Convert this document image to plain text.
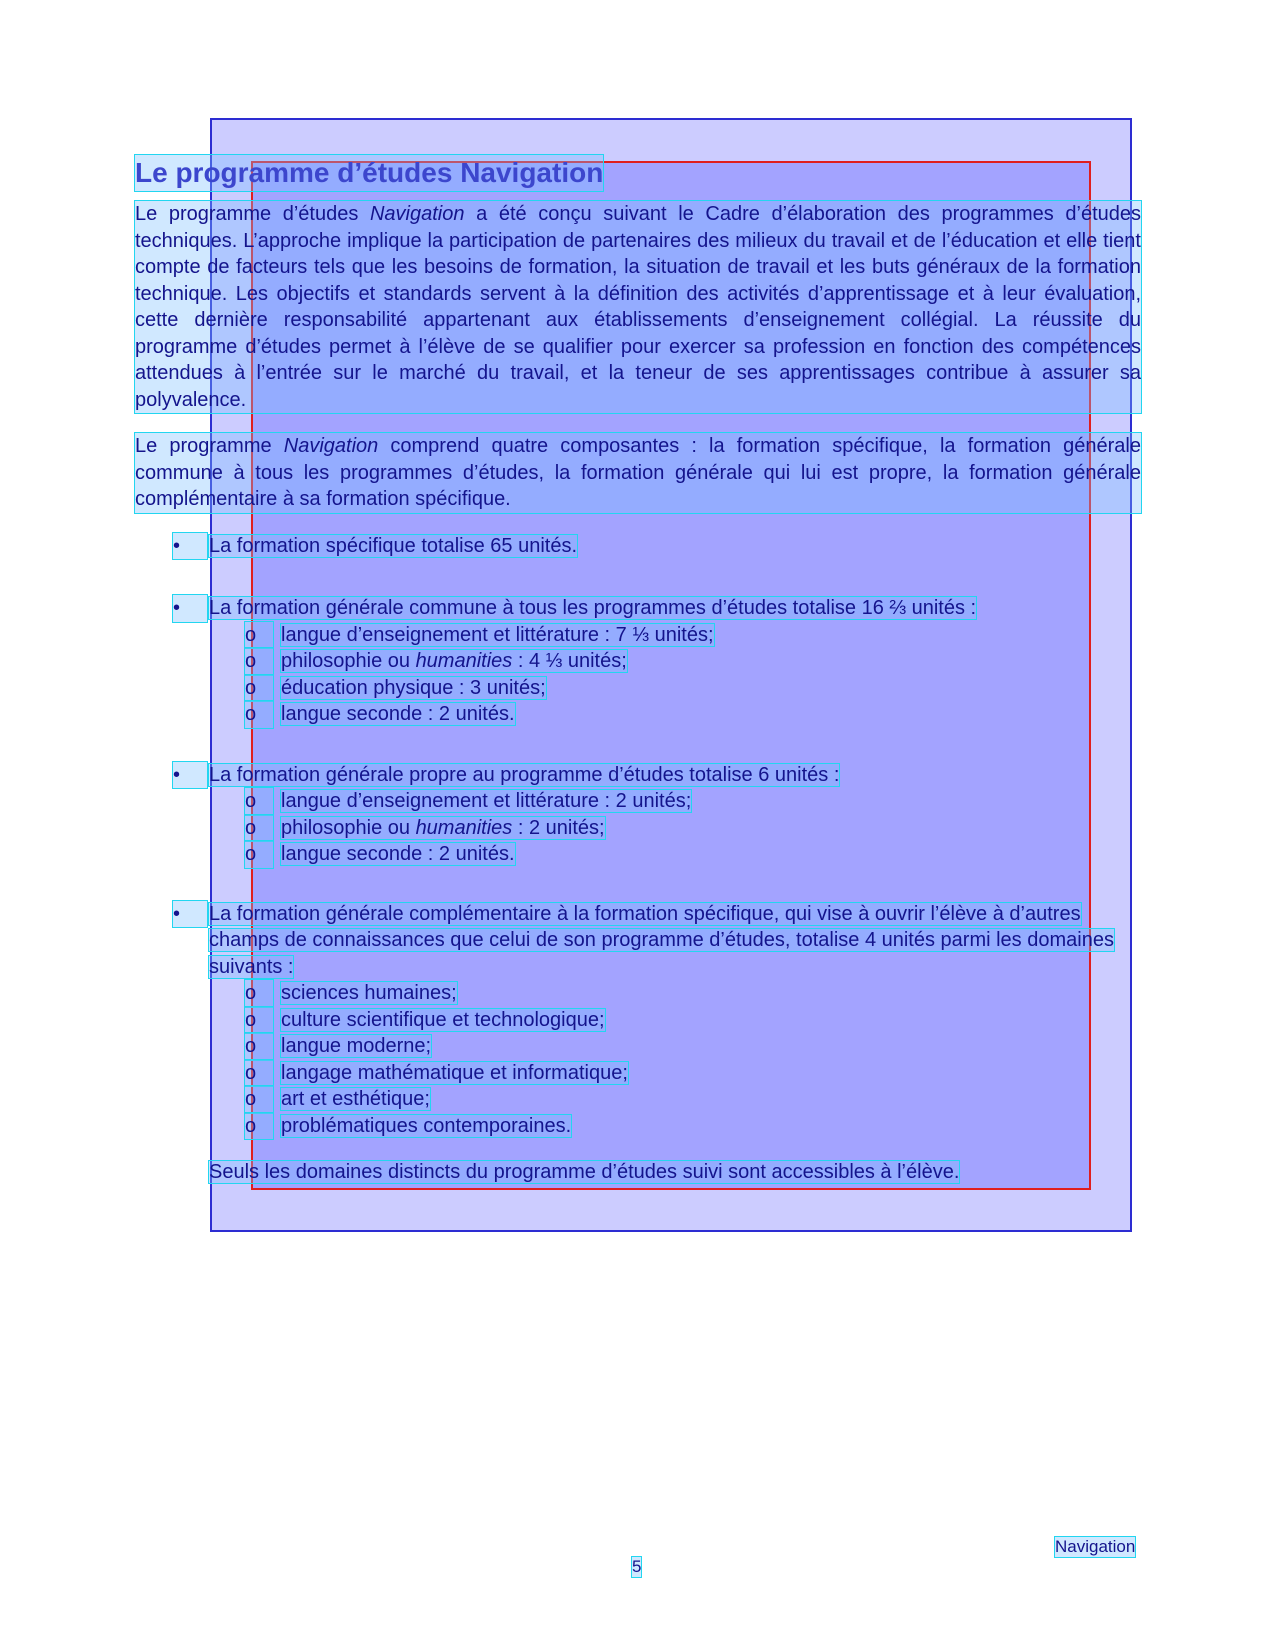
Le programme d’études Navigation

Le programme d’études Navigation a été conçu suivant le Cadre d’élaboration des programmes d’études techniques. L’approche implique la participation de partenaires des milieux du travail et de l’éducation et elle tient compte de facteurs tels que les besoins de formation, la situation de travail et les buts généraux de la formation technique. Les objectifs et standards servent à la définition des activités d’apprentissage et à leur évaluation, cette dernière responsabilité appartenant aux établissements d’enseignement collégial. La réussite du programme d’études permet à l’élève de se qualifier pour exercer sa profession en fonction des compétences attendues à l’entrée sur le marché du travail, et la teneur de ses apprentissages contribue à assurer sa polyvalence.

Le programme Navigation comprend quatre composantes : la formation spécifique, la formation générale commune à tous les programmes d’études, la formation générale qui lui est propre, la formation générale complémentaire à sa formation spécifique.

•	La formation spécifique totalise 65 unités.
•	La formation générale commune à tous les programmes d’études totalise 16 ⅔ unités :
o	langue d’enseignement et littérature : 7 ⅓ unités;
o	philosophie ou humanities : 4 ⅓ unités;
o	éducation physique : 3 unités;
o	langue seconde : 2 unités.
•	La formation générale propre au programme d’études totalise 6 unités :
o	langue d’enseignement et littérature : 2 unités;
o	philosophie ou humanities : 2 unités;
o	langue seconde : 2 unités.
•	La formation générale complémentaire à la formation spécifique, qui vise à ouvrir l’élève à d’autres champs de connaissances que celui de son programme d’études, totalise 4 unités parmi les domaines suivants :
o	sciences humaines;
o	culture scientifique et technologique;
o	langue moderne;
o	langage mathématique et informatique;
o	art et esthétique;
o	problématiques contemporaines.
Seuls les domaines distincts du programme d’études suivi sont accessibles à l’élève.
Navigation
5
